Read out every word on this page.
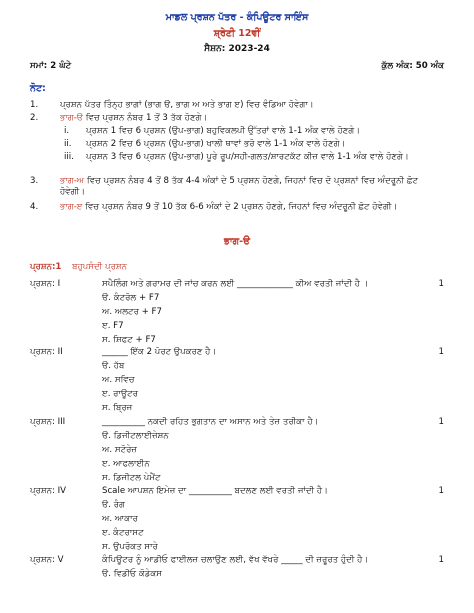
ਮਾਡਲ ਪ੍ਰਸ਼ਨ ਪੱਤਰ - ਕੰਪਿਊਟਰ ਸਾਇੰਸ
ਸ਼੍ਰੇਣੀ 12ਵੀਂ
ਸੈਸ਼ਨ: 2023-24
ਸਮਾਂ: 2 ਘੰਟੇ	ਕੁੱਲ ਅੰਕ: 50 ਅੰਕ
ਨੋਟ:
1.	ਪ੍ਰਸ਼ਨ ਪੱਤਰ ਤਿੰਨ੍ਹ ਭਾਗਾਂ (ਭਾਗ ੳ, ਭਾਗ ਅ ਅਤੇ ਭਾਗ ੲ) ਵਿਚ ਵੰਡਿਆ ਹੋਵੇਗਾ।
2.	ਭਾਗ-ੳ ਵਿਚ ਪ੍ਰਸ਼ਨ ਨੰਬਰ 1 ਤੋਂ 3 ਤੱਕ ਹੋਣਗੇ।
i. ਪ੍ਰਸ਼ਨ 1 ਵਿਚ 6 ਪ੍ਰਸ਼ਨ (ਉਪ-ਭਾਗ) ਬਹੁਵਿਕਲਪੀ ਉੱਤਰਾਂ ਵਾਲੇ 1-1 ਅੰਕ ਵਾਲੇ ਹੋਣਗੇ।
ii. ਪ੍ਰਸ਼ਨ 2 ਵਿਚ 6 ਪ੍ਰਸ਼ਨ (ਉਪ-ਭਾਗ) ਖਾਲੀ ਥਾਵਾਂ ਭਰੋ ਵਾਲੇ 1-1 ਅੰਕ ਵਾਲੇ ਹੋਣਗੇ।
iii. ਪ੍ਰਸ਼ਨ 3 ਵਿਚ 6 ਪ੍ਰਸ਼ਨ (ਉਪ-ਭਾਗ) ਪੂਰੇ ਰੂਪ/ਸਹੀ-ਗਲਤ/ਸ਼ਾਰਟਕੱਟ ਕੀਜ਼ ਵਾਲੇ 1-1 ਅੰਕ ਵਾਲੇ ਹੋਣਗੇ।
3.	ਭਾਗ-ਅ ਵਿਚ ਪ੍ਰਸ਼ਨ ਨੰਬਰ 4 ਤੋਂ 8 ਤੱਕ 4-4 ਅੰਕਾਂ ਦੇ 5 ਪ੍ਰਸ਼ਨ ਹੋਣਗੇ, ਜਿਹਨਾਂ ਵਿਚ ਦੋ ਪ੍ਰਸ਼ਨਾਂ ਵਿਚ ਅੰਦਰੂਨੀ ਛੋਟ ਹੋਵੇਗੀ।
4.	ਭਾਗ-ੲ ਵਿਚ ਪ੍ਰਸ਼ਨ ਨੰਬਰ 9 ਤੋਂ 10 ਤੱਕ 6-6 ਅੰਕਾਂ ਦੇ 2 ਪ੍ਰਸ਼ਨ ਹੋਣਗੇ, ਜਿਹਨਾਂ ਵਿਚ ਅੰਦਰੂਨੀ ਛੋਟ ਹੋਵੇਗੀ।
ਭਾਗ-ੳ
ਪ੍ਰਸ਼ਨ:1 ਬਹੁਪਸੰਦੀ ਪ੍ਰਸ਼ਨ
ਪ੍ਰਸ਼ਨ: I	ਸਪੈਲਿੰਗ ਅਤੇ ਗਰਾਮਰ ਦੀ ਜਾਂਚ ਕਰਨ ਲਈ _____________ ਕੀਅ ਵਰਤੀ ਜਾਂਦੀ ਹੈ ।	1
ੳ. ਕੰਟਰੋਲ + F7
ਅ. ਅਲਟਰ + F7
ੲ. F7
ਸ. ਸ਼ਿਫਟ + F7
ਪ੍ਰਸ਼ਨ: II	______ ਇੱਕ 2 ਪੋਰਟ ਉਪਕਰਣ ਹੈ।	1
ੳ. ਹੱਬ
ਅ. ਸਵਿਚ
ੲ. ਰਾਊਟਰ
ਸ. ਬ੍ਰਿਜ
ਪ੍ਰਸ਼ਨ: III	__________ ਨਕਦੀ ਰਹਿਤ ਭੁਗਤਾਨ ਦਾ ਅਸਾਨ ਅਤੇ ਤੇਜ਼ ਤਰੀਕਾ ਹੈ।	1
ੳ. ਡਿਜੀਟਲਾਈਜ਼ੇਸ਼ਨ
ਅ. ਸਟੋਰੇਜ਼
ੲ. ਆਫਲਾਈਨ
ਸ. ਡਿਜੀਟਲ ਪੇਮੈਂਟ
ਪ੍ਰਸ਼ਨ: IV	Scale ਆਪਸ਼ਨ ਇਮੇਜ਼ ਦਾ __________ ਬਦਲਣ ਲਈ ਵਰਤੀ ਜਾਂਦੀ ਹੈ।	1
ੳ. ਰੰਗ
ਅ. ਆਕਾਰ
ੲ. ਕੰਟਰਾਸਟ
ਸ. ਉਪਰੋਕਤ ਸਾਰੇ
ਪ੍ਰਸ਼ਨ: V	ਕੰਪਿਊਟਰ ਨੂੰ ਆਡੀਓ ਫਾਈਲਜ਼ ਚਲਾਉਣ ਲਈ, ਵੱਖ ਵੱਖਰੇ _____ ਦੀ ਜ਼ਰੂਰਤ ਹੁੰਦੀ ਹੈ।	1
ੳ. ਵਿਡੀਓ ਕੋਡੇਕਸ
